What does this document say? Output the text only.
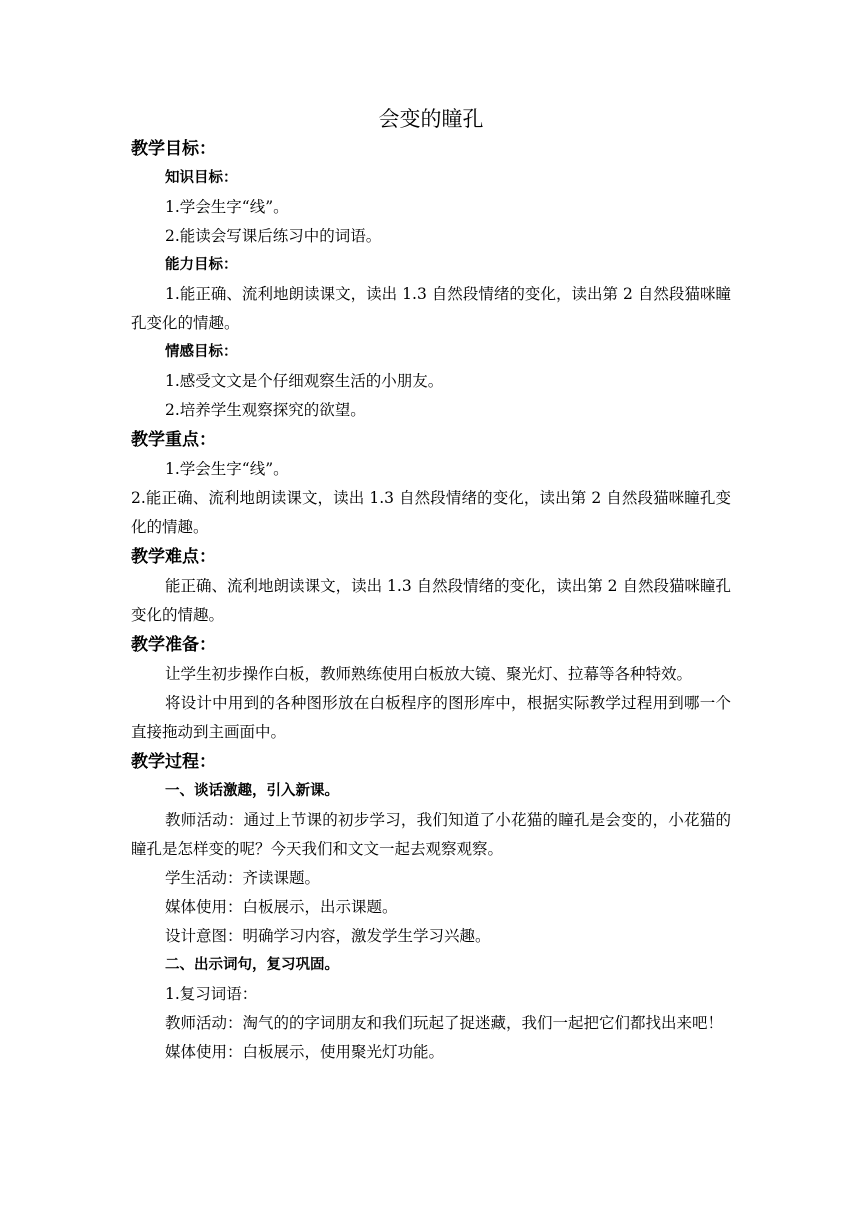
会变的瞳孔
教学目标：
知识目标：
1.学会生字“线”。
2.能读会写课后练习中的词语。
能力目标：
1.能正确、流利地朗读课文，读出 1.3 自然段情绪的变化，读出第 2 自然段猫咪瞳孔变化的情趣。
情感目标：
1.感受文文是个仔细观察生活的小朋友。
2.培养学生观察探究的欲望。
教学重点：
1.学会生字“线”。
2.能正确、流利地朗读课文，读出 1.3 自然段情绪的变化，读出第 2 自然段猫咪瞳孔变化的情趣。
教学难点：
能正确、流利地朗读课文，读出 1.3 自然段情绪的变化，读出第 2 自然段猫咪瞳孔变化的情趣。
教学准备：
让学生初步操作白板，教师熟练使用白板放大镜、聚光灯、拉幕等各种特效。
将设计中用到的各种图形放在白板程序的图形库中，根据实际教学过程用到哪一个直接拖动到主画面中。
教学过程：
一、谈话激趣，引入新课。
教师活动：通过上节课的初步学习，我们知道了小花猫的瞳孔是会变的，小花猫的瞳孔是怎样变的呢？今天我们和文文一起去观察观察。
学生活动：齐读课题。
媒体使用：白板展示，出示课题。
设计意图：明确学习内容，激发学生学习兴趣。
二、出示词句，复习巩固。
1.复习词语：
教师活动：淘气的的字词朋友和我们玩起了捉迷藏，我们一起把它们都找出来吧！
媒体使用：白板展示，使用聚光灯功能。
